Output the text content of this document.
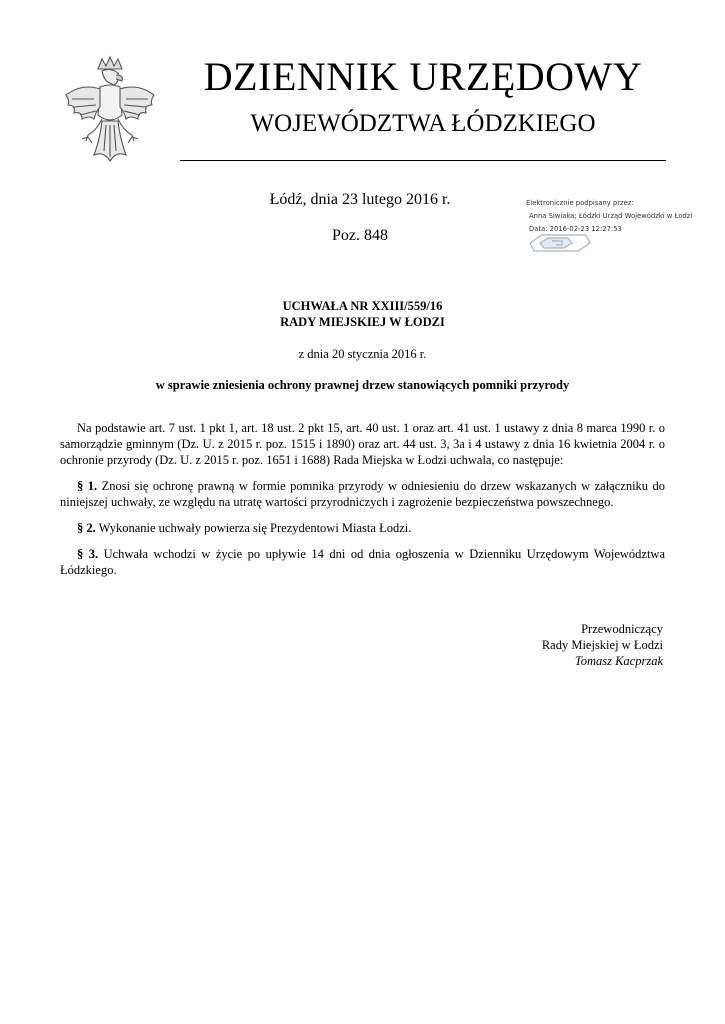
DZIENNIK URZĘDOWY
WOJEWÓDZTWA ŁÓDZKIEGO
Łódź, dnia 23 lutego 2016 r.
Poz. 848
Elektronicznie podpisany przez:
Anna Siwiaka; Łódzki Urząd Wojewódzki w Łodzi
Data: 2016-02-23 12:27:53
UCHWAŁA NR XXIII/559/16
RADY MIEJSKIEJ W ŁODZI
z dnia 20 stycznia 2016 r.
w sprawie zniesienia ochrony prawnej drzew stanowiących pomniki przyrody

Na podstawie art. 7 ust. 1 pkt 1, art. 18 ust. 2 pkt 15, art. 40 ust. 1 oraz art. 41 ust. 1 ustawy z dnia 8 marca 1990 r. o samorządzie gminnym (Dz. U. z 2015 r. poz. 1515 i 1890) oraz art. 44 ust. 3, 3a i 4 ustawy z dnia 16 kwietnia 2004 r. o ochronie przyrody (Dz. U. z 2015 r. poz. 1651 i 1688) Rada Miejska w Łodzi uchwala, co następuje:

§ 1. Znosi się ochronę prawną w formie pomnika przyrody w odniesieniu do drzew wskazanych w załączniku do niniejszej uchwały, ze względu na utratę wartości przyrodniczych i zagrożenie bezpieczeństwa powszechnego.

§ 2. Wykonanie uchwały powierza się Prezydentowi Miasta Łodzi.

§ 3. Uchwała wchodzi w życie po upływie 14 dni od dnia ogłoszenia w Dzienniku Urzędowym Województwa Łódzkiego.

Przewodniczący
Rady Miejskiej w Łodzi
Tomasz Kacprzak
